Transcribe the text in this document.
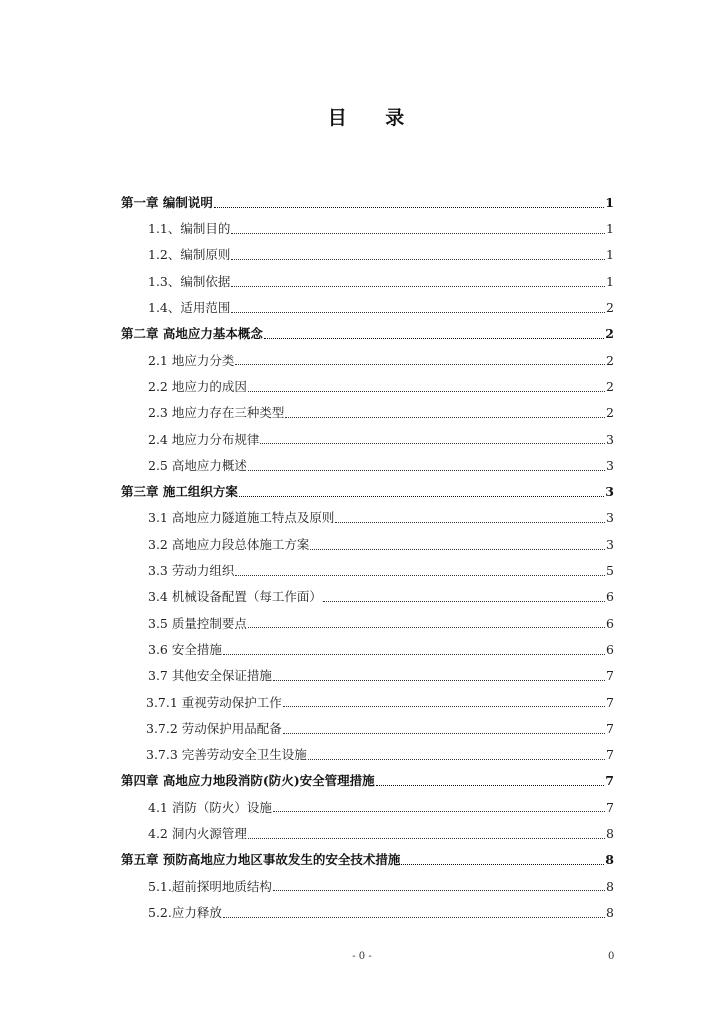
目 录
第一章 编制说明	1
1.1、编制目的	1
1.2、编制原则	1
1.3、编制依据	1
1.4、适用范围	2
第二章 高地应力基本概念	2
2.1 地应力分类	2
2.2 地应力的成因	2
2.3 地应力存在三种类型	2
2.4 地应力分布规律	3
2.5 高地应力概述	3
第三章 施工组织方案	3
3.1 高地应力隧道施工特点及原则	3
3.2 高地应力段总体施工方案	3
3.3 劳动力组织	5
3.4 机械设备配置（每工作面）	6
3.5 质量控制要点	6
3.6 安全措施	6
3.7 其他安全保证措施	7
3.7.1 重视劳动保护工作	7
3.7.2 劳动保护用品配备	7
3.7.3 完善劳动安全卫生设施	7
第四章 高地应力地段消防(防火)安全管理措施	7
4.1 消防（防火）设施	7
4.2 洞内火源管理	8
第五章 预防高地应力地区事故发生的安全技术措施	8
5.1.超前探明地质结构	8
5.2.应力释放	8
- 0 -	0
